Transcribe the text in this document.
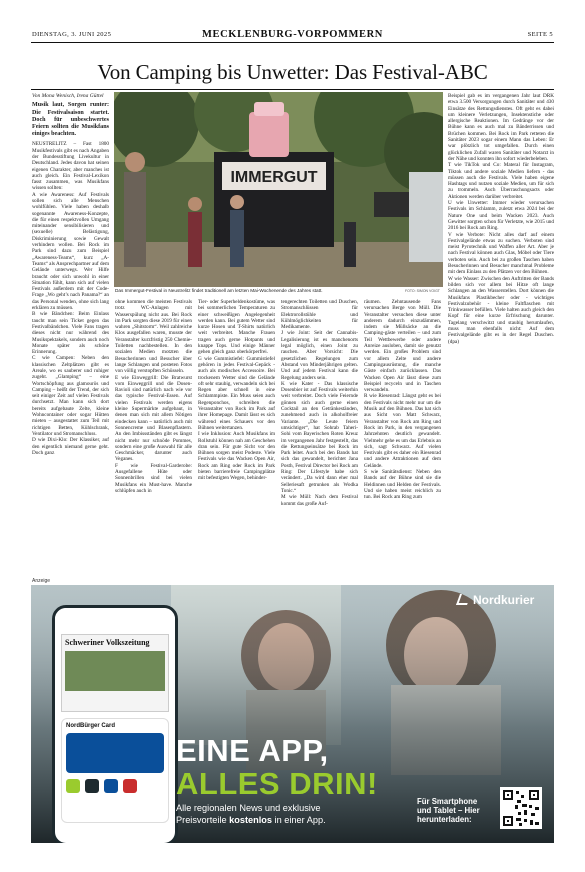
DIENSTAG, 3. JUNI 2025	MECKLENBURG-VORPOMMERN	SEITE 5
Von Camping bis Unwetter: Das Festival-ABC

Von Mona Wenisch, Irena Güttel

Musik laut, Sorgen runter: Die Festivalsaison startet. Doch für unbeschwertes Feiern sollten die Musikfans einiges beachten.

NEUSTRELITZ – Fast 1800 Musikfestivals gibt es nach Angaben der Bundesstiftung Livekultur in Deutschland. Jedes davon hat seinen eigenen Charakter, aber manches ist auch gleich. Ein Festival-Lexikon fasst zusammen, was Musikfans wissen sollten:

A wie Awareness: Auf Festivals sollen sich alle Menschen wohlfühlen. Viele haben deshalb sogenannte Awareness-Konzepte, die für einen respektvollen Umgang miteinander sensibilisieren und (sexuelle) Belästigung, Diskriminierung sowie Gewalt verhindern wollen. Bei Rock im Park sind dazu zum Beispiel „Awareness-Teams“, kurz „A-Teams“ als Ansprechpartner auf dem Gelände unterwegs. Wer Hilfe braucht oder sich unwohl in einer Situation fühlt, kann sich auf vielen Festivals außerdem mit der Code-Frage „Wo geht’s nach Panama?“ an das Personal wenden, ohne sich lang erklären zu müssen.

B wie Bändchen: Beim Einlass taucht man sein Ticket gegen das Festivalbändchen. Viele Fans tragen dieses nicht nur während des Musikspektakels, sondern auch noch Monate später als schöne Erinnerung.

C wie Campen: Neben den klassischen Zeltplätzen gibt es Areale, wo es sauberer und ruhiger zugeht. „Glamping“ – eine Wortschöpfung aus glamourös und Camping – heißt der Trend, der sich seit einiger Zeit auf vielen Festivals durchsetzt. Man kann sich dort bereits aufgebaute Zelte, kleine Wohncontainer oder sogar Hütten mieten – ausgestattet zum Teil mit richtigen Betten, Kühlschrank, Ventilator und Stromanschluss.

D wie Dixi-Klo: Der Klassiker, auf den eigentlich niemand gerne geht. Doch ganz

IMMERGUT
Das Immergut-Festival in Neustrelitz findet traditionell am letzten Mai-Wochenende des Jahres statt.	FOTO: SIMON VOIGT

ohne kommen die meisten Festivals trotz WC-Anlagen mit Wasserspülung nicht aus. Bei Rock im Park sorgten diese 2019 für einen wahren „Shitstorm“. Weil zahlreiche Klos ausgefallen waren, musste der Veranstalter kurzfristig 250 Chemie-Toiletten nachbestellen. In den sozialen Medien motzten die Besucherinnen und Besucher über lange Schlangen und posteten Fotos von völlig verstopften Schüsseln.

E wie Einweggrill: Die Bratwurst vom Einweggrill und die Dosen-Ravioli sind natürlich nach wie vor das typische Festival-Essen. Auf vielen Festivals werden eigens kleine Supermärkte aufgebaut, in denen man sich mit allem Nötigen eindecken kann – natürlich auch mit Sonnencreme und Blasenpflastern. An den Imbissständen gibt es längst nicht mehr nur schnöde Pommes, sondern eine große Auswahl für alle Geschmäcker, darunter auch Veganes.

F wie Festival-Garderobe: Ausgefallene Hüte oder Sonnenbrillen sind bei vielen Musikfans ein Must-have. Manche schlüpfen auch in

Tier- oder Superheldenkostüme, was bei sommerlichen Temperaturen zu einer schweißigen Angelegenheit werden kann. Bei gutem Wetter sind kurze Hosen und T-Shirts natürlich weit verbreitet. Manche Frauen tragen auch gerne Hotpants und knappe Tops. Und einige Männer gehen gleich ganz oberkörperfrei.

G wie Gummistiefel: Gummistiefel gehören in jedes Festival-Gepäck - auch als modisches Accessoire. Bei trockenem Wetter sind die Gelände oft sehr staubig, verwandeln sich bei Regen aber schnell in eine Schlammpiste. Ein Muss seien auch Regenponchos, schreiben die Veranstalter von Rock im Park auf ihrer Homepage. Damit lässt es sich während eines Schauers vor den Bühnen weitertanzen.

I wie Inklusion: Auch Musikfans im Rollstuhl können nah am Geschehen dran sein. Für gute Sicht vor den Bühnen sorgen meist Podeste. Viele Festivals wie das Wacken Open Air, Rock am Ring oder Rock im Park bieten barrierefreie Campingplätze mit befestigten Wegen, behinder-

tengerechten Toiletten und Duschen, Stromanschlüssen für Elektrorollstühle und Kühlmöglichkeiten für Medikamente.

J wie Joint: Seit der Cannabis-Legalisierung ist es manchenorts legal möglich, einen Joint zu rauchen. Aber Vorsicht: Die gesetzlichen Regelungen zum Abstand von Minderjährigen gelten. Und auf jedem Festival kann die Regelung anders sein.

K wie Kater - Das klassische Dosenbier ist auf Festivals weiterhin weit verbreitet. Doch viele Feiernde gönnen sich auch gerne einen Cocktail an den Getränkeständen, zunehmend auch in alkoholfreier Variante. „Die Leute feiern umsichtiger“, hat Sohrab Taheri-Sohi vom Bayerischen Roten Kreuz im vergangenen Jahr festgestellt, das die Rettungseinsätze bei Rock im Park leitet. Auch bei den Bands hat sich das gewandelt, berichtet Jana Posth, Festival Director bei Rock am Ring: Der Lifestyle habe sich verändert. „Da wird dann eher mal Selleriesaft getrunken als Wodka Tonic.“

M wie Müll: Nach dem Festival kommt das große Auf-

räumen. Zehntausende Fans verursachen Berge von Müll. Die Veranstalter versuchen diese unter anderem dadurch einzudämmen, indem sie Müllsäcke an die Camping-gäste verteilen – und zum Teil Wettbewerbe oder andere Anreize ausloben, damit sie genutzt werden. Ein großes Problem sind vor allem Zelte und andere Campingausrüstung, die manche Gäste einfach zurücklassen. Das Wacken Open Air lässt diese zum Beispiel recyceln und in Taschen verwandeln.

R wie Riesenrad: Längst geht es bei den Festivals nicht mehr nur um die Musik auf den Bühnen. Das hat sich aus Sicht von Matt Schwarz, Veranstalter von Rock am Ring und Rock im Park, in den vergangenen Jahrzehnten deutlich gewandelt. Vielmehr gehe es um das Erlebnis an sich, sagt Schwarz. Auf vielen Festivals gibt es daher ein Riesenrad und andere Attraktionen auf dem Gelände.

S wie Sanitätsdienst: Neben den Bands auf der Bühne sind sie die Heldinnen und Helden der Festivals. Und sie haben meist reichlich zu tun. Bei Rock am Ring zum

Beispiel gab es im vergangenen Jahr laut DRK etwa 3.500 Versorgungen durch Sanitäter und 430 Einsätze des Rettungsdienstes. Oft geht es dabei um kleinere Verletzungen, Insektenstiche oder allergische Reaktionen. Im Gedränge vor der Bühne kann es auch mal zu Bänderrissen und Brüchen kommen. Bei Rock im Park retteten die Sanitäter 2023 sogar einem Mann das Leben: Er war plötzlich tot umgefallen. Durch einen glücklichen Zufall waren Sanitäter und Notarzt in der Nähe und konnten ihn sofort wiederbeleben.

T wie TikTok und Co: Materal für Instagram, Tiktok und andere soziale Medien liefern - das müssen auch die Festivals. Viele haben eigene Hashtags und nutzen soziale Medien, um für sich zu trommeln. Auch Überraschungsacts oder Aktionen werden darüber verbreitet.

U wie Unwetter: Immer wieder verursachen Festivals im Schlamm, zuletzt etwa 2024 bei der Nature One und beim Wacken 2023. Auch Gewitter sorgten schon für Verletzte, wie 2015 und 2016 bei Rock am Ring.

V wie Verbote: Nicht alles darf auf einem Festivalgelände etwas zu suchen. Verboten sind meist Pyrotechnik und Waffen aller Art. Aber je nach Festival können auch Glas, Möbel oder Tiere verboten sein. Auch bei zu großen Taschen haben Besucherinnen und Besucher manchmal Probleme mit dem Einlass zu den Plätzen vor den Bühnen.

W wie Wasser: Zwischen den Auftritten der Bands bilden sich vor allem bei Hitze oft lange Schlangen an den Wasserstellen. Dort können die Musikfans Plastikbecher oder - wichtiges Festivalzubehör - kleine Faltflaschen mit Trinkwasser befüllen. Viele halten auch gleich den Kopf für eine kurze Erfrischung darunter. Tagelang verschwitzt und staubig herumlaufen, muss man ebenfalls nicht: Auf dem Festivalgelände gibt es in der Regel Duschen. (dpa)

Anzeige
Schweriner Volkszeitung
NordBürger Card
Nordkurier
EINE APP,
ALLES DRIN!
Alle regionalen News und exklusive
Preisvorteile kostenlos in einer App.
Für Smartphone
und Tablet – Hier
herunterladen:
